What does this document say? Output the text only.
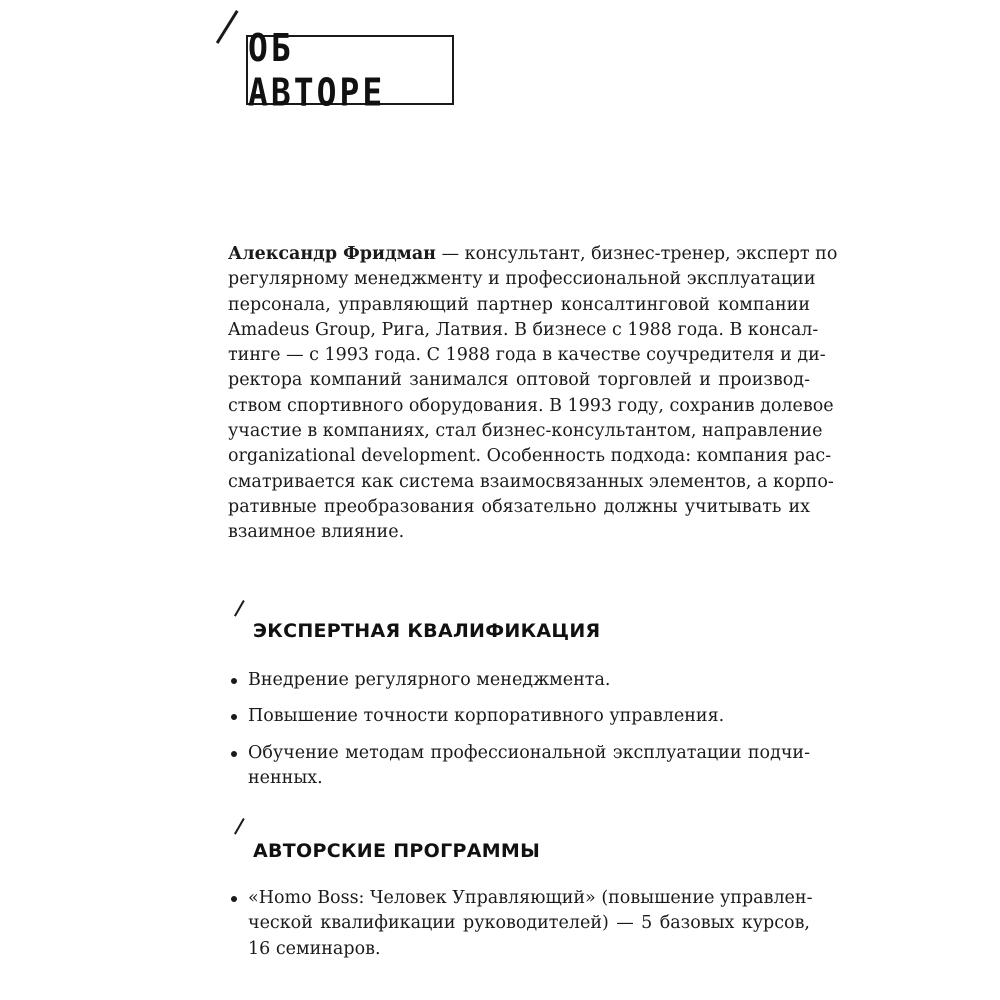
ОБ АВТОРЕ
Александр Фридман — консультант, бизнес-тренер, эксперт по
регулярному менеджменту и профессиональной эксплуатации
персонала, управляющий партнер консалтинговой компании
Amadeus Group, Рига, Латвия. В бизнесе с 1988 года. В консал-
тинге — с 1993 года. С 1988 года в качестве соучредителя и ди-
ректора компаний занимался оптовой торговлей и производ-
ством спортивного оборудования. В 1993 году, сохранив долевое
участие в компаниях, стал бизнес-консультантом, направление
organizational development. Особенность подхода: компания рас-
сматривается как система взаимосвязанных элементов, а корпо-
ративные преобразования обязательно должны учитывать их
взаимное влияние.
ЭКСПЕРТНАЯ КВАЛИФИКАЦИЯ
Внедрение регулярного менеджмента.
Повышение точности корпоративного управления.
Обучение методам профессиональной эксплуатации подчи-
ненных.
АВТОРСКИЕ ПРОГРАММЫ
«Homo Boss: Человек Управляющий» (повышение управлен-
ческой квалификации руководителей) — 5 базовых курсов,
16 семинаров.
